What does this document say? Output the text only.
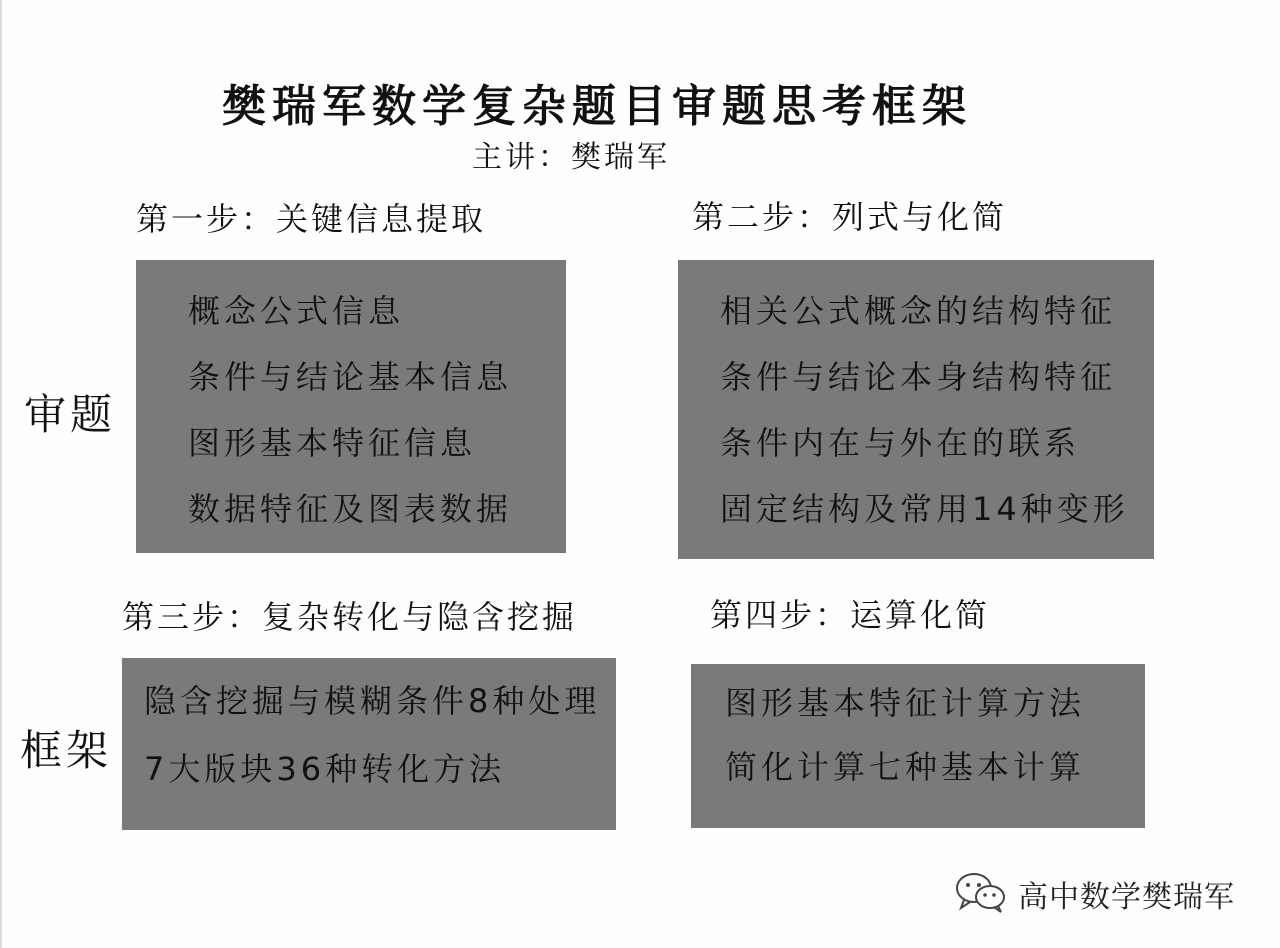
樊瑞军数学复杂题目审题思考框架
主讲：樊瑞军
第一步：关键信息提取
概念公式信息
条件与结论基本信息
图形基本特征信息
数据特征及图表数据
第二步：列式与化简
相关公式概念的结构特征
条件与结论本身结构特征
条件内在与外在的联系
固定结构及常用14种变形
审题
框架
第三步：复杂转化与隐含挖掘
隐含挖掘与模糊条件8种处理
7大版块36种转化方法
第四步：运算化简
图形基本特征计算方法
简化计算七种基本计算
高中数学樊瑞军
